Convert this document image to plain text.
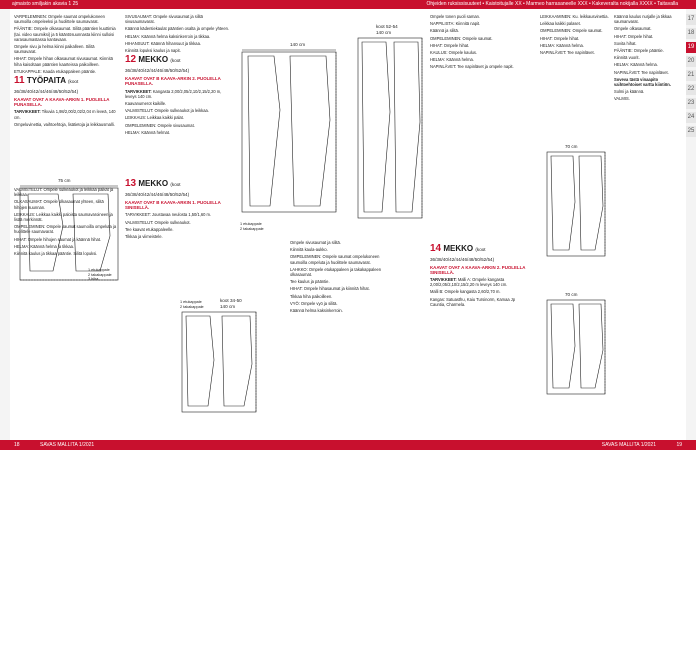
ajmaisto smiljakin akavia 1 25	Ohjeiden ruksissisuuteet • Kaistoitujalle XX • Marmeo harrasaneelle XXX • Kakeveralta nokijalla XXXX • Taitavalla

VARPELEMINEN: Ompele saumat ompelukoneen saumoilla ompeleeksi ja huolittele saumavarat.

PÄÄNTIE: Ompele olkasaumat. Silitä pääntien kuuttimia (tai. video saumiksi) ja 5 kääntösuunnasta kiinni sulloisi varasaumastassa kantavaan.

Ompele sivu ja helma kiinni paikalleen. Silitä saumavarat.

HIHAT: Ompele hihan olkasaumat sivusaumat. Kiinnitä hiha kaisoltaan pääntien kaarteissa paikoilleen.

ETUKAPPALE: Kaada etukappaleen pääntie.

11 TYÖPAITA (koot 36/38/40/42/44/46/48/50/52/54)
KAAVAT OVAT A KAAVA-ARKIN 1. PUOLELLA PUNASELLA.

TARVIKKEET: Tikuvia 1,98/2,00/2,02/2,04 m leveä, 140 cm.

Ompeluvinettia, vaihtoehtoja, lisätietoja ja leikkausmalli.

VALMISTELUT: Ompele sulkeaukot ja leikkaa paikat ja leikkaa.

OLKASAUMAT: Ompele olkasaumat yhteen, silitä hihojen suunnan.

LEIKKAUS: Leikkaa kaikki paloista saumavaroineen ja lisää merkinnät.

OMPELEMINEN: Ompele saumat saumoilla ompeluta ja huolittele saumavarat.

HIHAT: Ompele hihojen saumat ja käännä hihat.

HELMA: Käännä helma ja tikkaa.

Kiinnitä kaulus ja tikkaa pääntie. Silitä lopuksi.

75 cm
1 etukappale
2 takakappale
3 hiha

SIVUSAUMAT: Ompele sivusaumat ja silitä sivusaumavarat.

Käännä kädentiekaulat pääntien osalta ja ompele yhteen.

HELMA: Käännä helma kaksinkerroin ja tikkaa.

HIHANSUUT: Käännä hihansuut ja tikkaa.

Kiinnitä lopuksi kaulus ja napit.

12 MEKKO (koot 36/38/40/42/44/46/48/50/52/54)
KAAVAT OVAT B KAAVA-ARKIN 2. PUOLELLA PUNASELLA.

TARVIKKEET: Kangasta 2,00/2,05/2,10/2,15/2,20 m, leveys 140 cm.

Kaavanumerot kaikille.

VALMISTELUT: Ompele sulkeaukot ja leikkaa.

LEIKKAUS: Leikkaa kaikki palat.

OMPELEMINEN: Ompele sivusaumat.

HELMA: Käännä helmat.

13 MEKKO (koot 36/38/40/42/44/46/48/50/52/54)
KAAVAT OVAT B KAAVA-ARKIN 1. PUOLELLA SINISELLÄ.

TARVIKKEET: Joustavaa neulosta 1,50/1,60 m.

VALMISTELUT: Ompele sulkeaukot.

Tee kaavat etukappaleelle.

Tikkaa ja viimeistele.

140 cm
1 etukappale
2 takakappale
koot 34-50
140 cm
1 etukappale
2 takakappale

Ompele sivusaumat ja silitä.

Kiinnitä kaula-aukko.

OMPELEMINEN: Ompele saumat ompelukoneen saumoilla ompeluta ja huolittele saumavarat.

LAHKKO: Ompele etukappaleen ja takakappaleen olkasaumat.

Tee kaulus ja pääntie.

HIHAT: Ompele hihasaumat ja kiinnitä hihat.

Tikkaa hiha paikoilleen.

VYÖ: Ompele vyö ja silitä.

Käännä helma kaksinkerroin.

koot 52-54
140 cm

Ompele tonen puoli saman.

NAPPILISTA: Kiinnitä napit.

Käännä ja silitä.

OMPELEMINEN: Ompele saumat.

HIHAT: Ompele hihat.

KAULUS: Ompele kaulus.

HELMA: Käännä helma.

NAPINLÄVET: Tee napinlävet ja ompele napit.

14 MEKKO (koot 36/38/40/42/44/46/48/50/52/54)
KAAVAT OVAT A KAAVA-ARKIN 2. PUOLELLA SINISELLÄ.

TARVIKKEET: Malli A: Ompele kangasta 2,00/2,05/2,10/2,15/2,20 m leveys 140 cm.

Malli B: Ompele kangasta 2,60/2,70 m.

Kangas: Satuasthu, Kaiu Tursinorm, Kamaa Jp Cauntia, Charmela.

LEIKKAAMINEN: Ku. leikkausvinettia.

Leikkaa kaikki palaset.

OMPELEMINEN: Ompele saumat.

HIHAT: Ompele hihat.

HELMA: Käännä helma.

NAPINLÄVET: Tee napinlävet.

70 cm
70 cm

Käännä kaulus nurjalle ja tikkaa saumanvarat.

Ompele olkasaumat.

HIHAT: Ompele hihat.

Sovita hihat.

PÄÄNTIE: Ompele pääntie.

Kiinnitä vuorit.

HELMA: Käännä helma.

NAPINLÄVET: Tee napinlävet.

Soveva tästä vinaapito vaihtoehtoiset vartta kiintiön.

Solmi ja käännä.

VALMIS.

17
18
19
20
21
22
23
24
25
18	SAVAS MALLITA 1/2021	SAVAS MALLITA 1/2021	19
